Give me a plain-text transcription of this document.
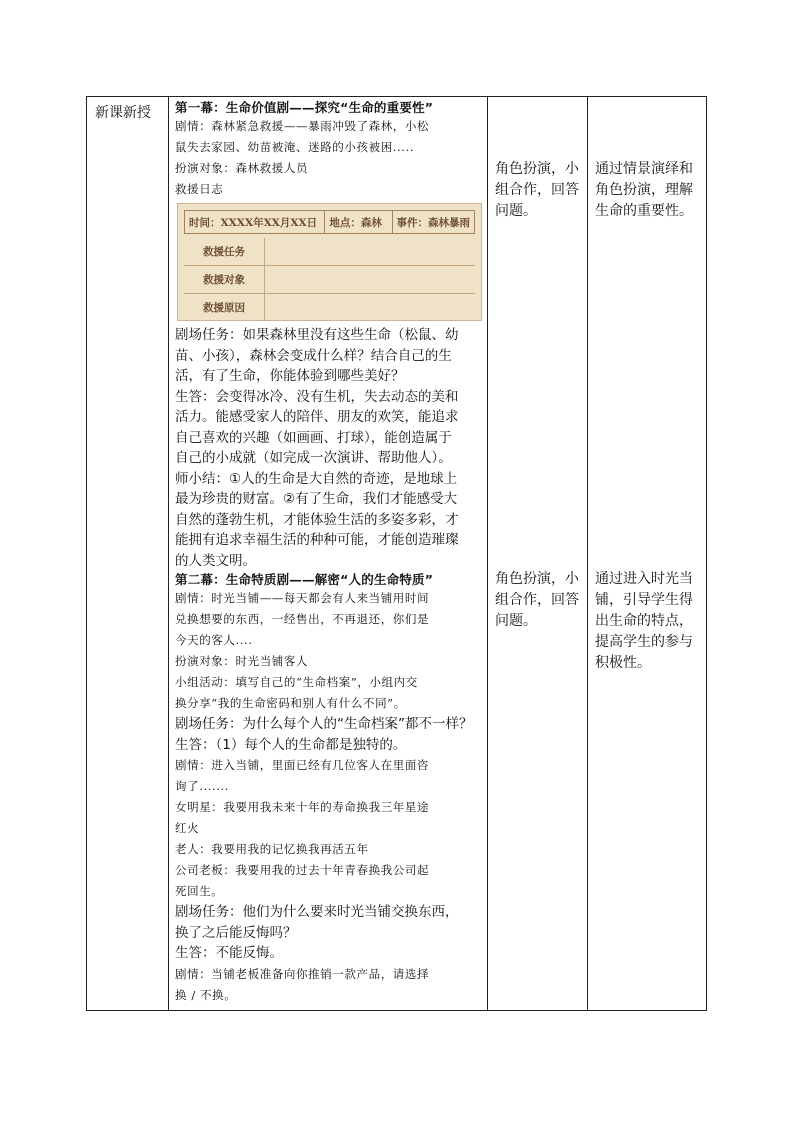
新课新授 第一幕：生命价值剧——探究“生命的重要性”
剧情：森林紧急救援——暴雨冲毁了森林，小松
鼠失去家园、幼苗被淹、迷路的小孩被困.....
扮演对象：森林救援人员
救援日志
时间：XXXX年XX月XX日	地点：森林	事件：森林暴雨
救援任务
救援对象
救援原因
剧场任务：如果森林里没有这些生命（松鼠、幼
苗、小孩），森林会变成什么样？结合自己的生
活，有了生命，你能体验到哪些美好？
生答：会变得冰冷、没有生机，失去动态的美和
活力。能感受家人的陪伴、朋友的欢笑，能追求
自己喜欢的兴趣（如画画、打球），能创造属于
自己的小成就（如完成一次演讲、帮助他人）。
师小结：①人的生命是大自然的奇迹，是地球上
最为珍贵的财富。②有了生命，我们才能感受大
自然的蓬勃生机，才能体验生活的多姿多彩，才
能拥有追求幸福生活的种种可能，才能创造璀璨
的人类文明。
第二幕：生命特质剧——解密“人的生命特质”
剧情：时光当铺——每天都会有人来当铺用时间
兑换想要的东西，一经售出，不再退还，你们是
今天的客人....
扮演对象：时光当铺客人
小组活动：填写自己的“生命档案”，小组内交
换分享“我的生命密码和别人有什么不同”。
剧场任务：为什么每个人的“生命档案”都不一样？
生答：（1）每个人的生命都是独特的。
剧情：进入当铺，里面已经有几位客人在里面咨
询了.......
女明星：我要用我未来十年的寿命换我三年星途
红火
老人：我要用我的记忆换我再活五年
公司老板：我要用我的过去十年青春换我公司起
死回生。
剧场任务：他们为什么要来时光当铺交换东西，
换了之后能反悔吗？
生答：不能反悔。
剧情：当铺老板准备向你推销一款产品，请选择
换 / 不换。
角色扮演，小
组合作，回答
问题。
通过情景演绎和
角色扮演，理解
生命的重要性。
角色扮演，小
组合作，回答
问题。
通过进入时光当
铺，引导学生得
出生命的特点，
提高学生的参与
积极性。
